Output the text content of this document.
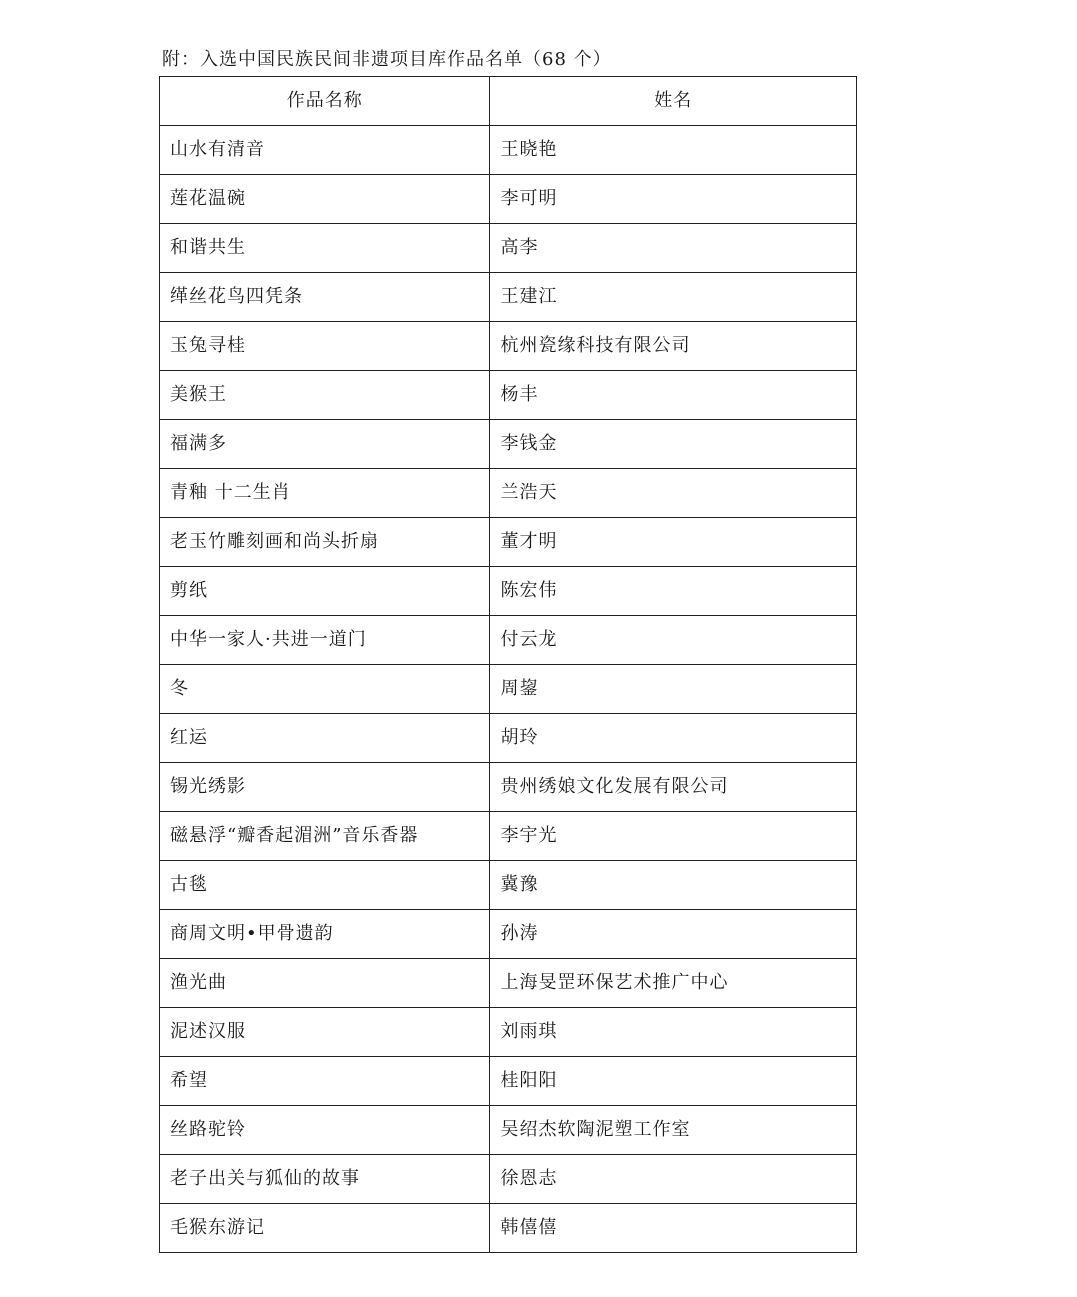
附：入选中国民族民间非遗项目库作品名单（68 个）
作品名称	姓名
山水有清音	王晓艳
莲花温碗	李可明
和谐共生	高李
缂丝花鸟四凭条	王建江
玉兔寻桂	杭州瓷缘科技有限公司
美猴王	杨丰
福满多	李钱金
青釉 十二生肖	兰浩天
老玉竹雕刻画和尚头折扇	董才明
剪纸	陈宏伟
中华一家人·共进一道门	付云龙
冬	周鋆
红运	胡玲
锡光绣影	贵州绣娘文化发展有限公司
磁悬浮“瓣香起湄洲”音乐香器	李宇光
古毯	冀豫
商周文明•甲骨遗韵	孙涛
渔光曲	上海旻罡环保艺术推广中心
泥述汉服	刘雨琪
希望	桂阳阳
丝路驼铃	吴绍杰软陶泥塑工作室
老子出关与狐仙的故事	徐恩志
毛猴东游记	韩僖僖
